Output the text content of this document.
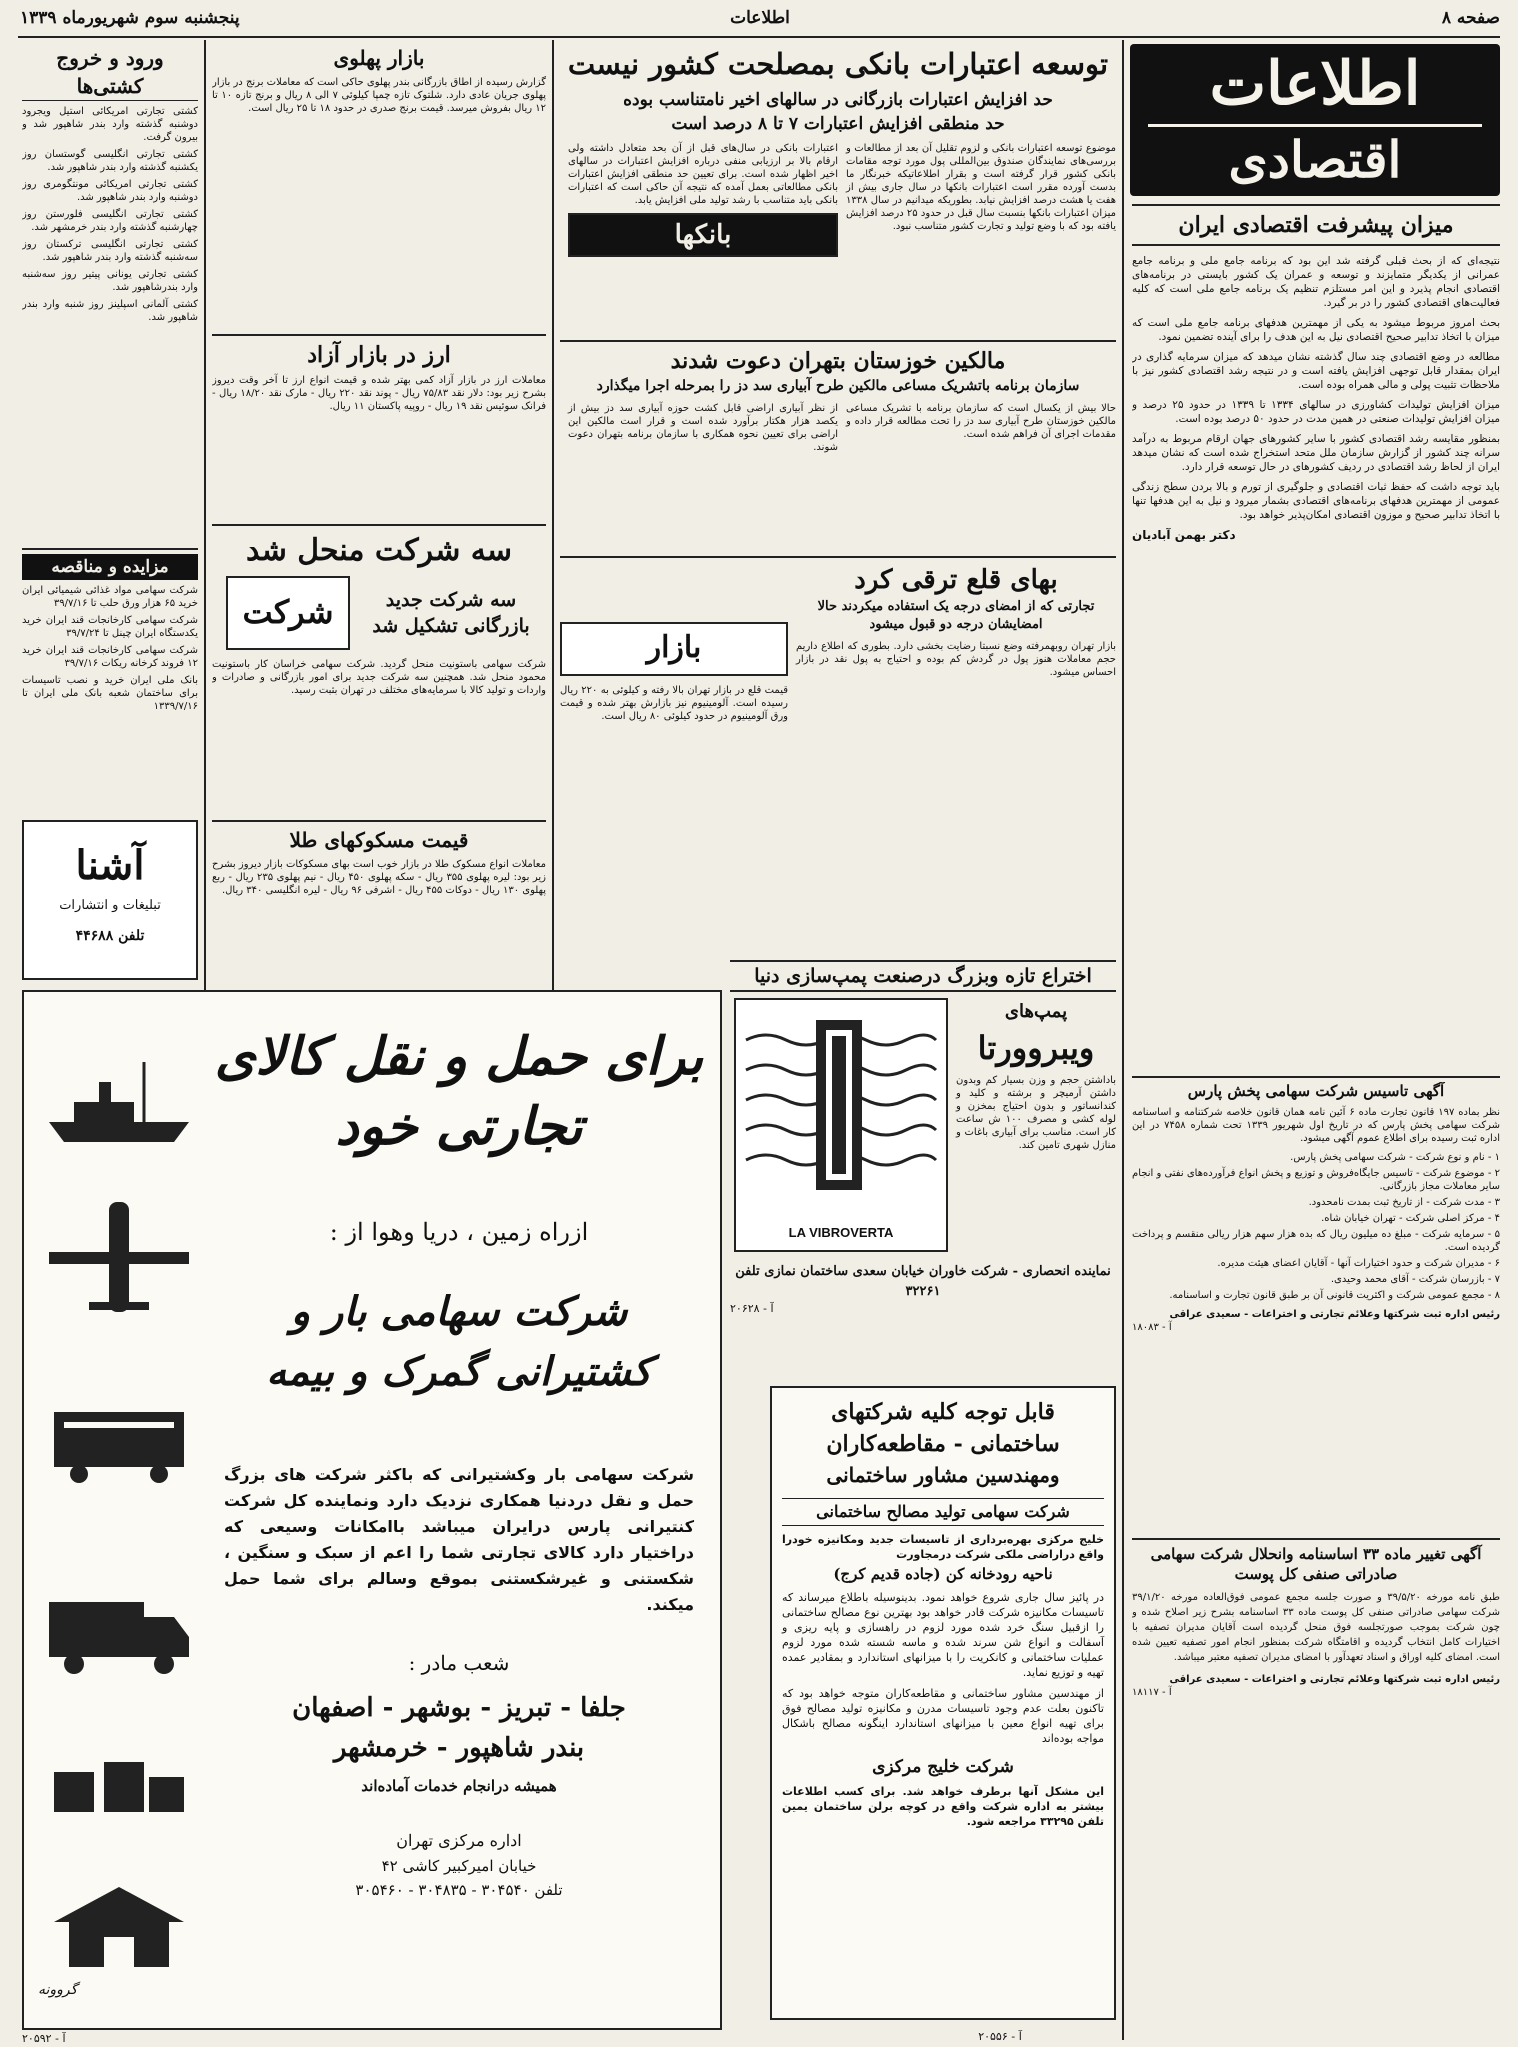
صفحه ۸
اطلاعات
پنجشنبه سوم شهریورماه ۱۳۳۹
اطلاعات
اقتصادی
میزان پیشرفت اقتصادی ایران

نتیجه‌ای که از بحث قبلی گرفته شد این بود که برنامه جامع ملی و برنامه جامع عمرانی از یکدیگر متمایزند و توسعه و عمران یک کشور بایستی در برنامه‌های اقتصادی انجام پذیرد و این امر مستلزم تنظیم یک برنامه جامع ملی است که کلیه فعالیت‌های اقتصادی کشور را در بر گیرد.

بحث امروز مربوط میشود به یکی از مهمترین هدفهای برنامه جامع ملی است که میزان با اتخاذ تدابیر صحیح اقتصادی نیل به این هدف را برای آینده تضمین نمود.

مطالعه در وضع اقتصادی چند سال گذشته نشان میدهد که میزان سرمایه گذاری در ایران بمقدار قابل توجهی افزایش یافته است و در نتیجه رشد اقتصادی کشور نیز با ملاحظات تثبیت پولی و مالی همراه بوده است.

میزان افزایش تولیدات کشاورزی در سالهای ۱۳۳۴ تا ۱۳۳۹ در حدود ۲۵ درصد و میزان افزایش تولیدات صنعتی در همین مدت در حدود ۵۰ درصد بوده است.

بمنظور مقایسه رشد اقتصادی کشور با سایر کشورهای جهان ارقام مربوط به درآمد سرانه چند کشور از گزارش سازمان ملل متحد استخراج شده است که نشان میدهد ایران از لحاظ رشد اقتصادی در ردیف کشورهای در حال توسعه قرار دارد.

باید توجه داشت که حفظ ثبات اقتصادی و جلوگیری از تورم و بالا بردن سطح زندگی عمومی از مهمترین هدفهای برنامه‌های اقتصادی بشمار میرود و نیل به این هدفها تنها با اتخاذ تدابیر صحیح و موزون اقتصادی امکان‌پذیر خواهد بود.

دکتر بهمن آبادیان
آگهی تاسیس شرکت سهامی پخش پارس

نظر بماده ۱۹۷ قانون تجارت ماده ۶ آئین نامه همان قانون خلاصه شرکتنامه و اساسنامه شرکت سهامی پخش پارس که در تاریخ اول شهریور ۱۳۳۹ تحت شماره ۷۴۵۸ در این اداره ثبت رسیده برای اطلاع عموم آگهی میشود.

۱ - نام و نوع شرکت - شرکت سهامی پخش پارس.

۲ - موضوع شرکت - تاسیس جایگاه‌فروش و توزیع و پخش انواع فرآورده‌های نفتی و انجام سایر معاملات مجاز بازرگانی.

۳ - مدت شرکت - از تاریخ ثبت بمدت نامحدود.

۴ - مرکز اصلی شرکت - تهران خیابان شاه.

۵ - سرمایه شرکت - مبلغ ده میلیون ریال که بده هزار سهم هزار ریالی منقسم و پرداخت گردیده است.

۶ - مدیران شرکت و حدود اختیارات آنها - آقایان اعضای هیئت مدیره.

۷ - بازرسان شرکت - آقای محمد وحیدی.

۸ - مجمع عمومی شرکت و اکثریت قانونی آن بر طبق قانون تجارت و اساسنامه.

رئیس اداره ثبت شرکتها وعلائم تجارتی و اختراعات - سعیدی عراقی
آ - ۱۸۰۸۳
آگهی تغییر ماده ۳۳ اساسنامه وانحلال شرکت سهامی صادراتی صنفی کل پوست

طبق نامه مورخه ۳۹/۵/۲۰ و صورت جلسه مجمع عمومی فوق‌العاده مورخه ۳۹/۱/۲۰ شرکت سهامی صادراتی صنفی کل پوست ماده ۳۳ اساسنامه بشرح زیر اصلاح شده و چون شرکت بموجب صورتجلسه فوق منحل گردیده است آقایان مدیران تصفیه با اختیارات کامل انتخاب گردیده و اقامتگاه شرکت بمنظور انجام امور تصفیه تعیین شده است. امضای کلیه اوراق و اسناد تعهدآور با امضای مدیران تصفیه معتبر میباشد.

رئیس اداره ثبت شرکتها وعلائم تجارتی و اختراعات - سعیدی عراقی
آ - ۱۸۱۱۷
توسعه اعتبارات بانکی بمصلحت کشور نیست
حد افزایش اعتبارات بازرگانی در سالهای اخیر نامتناسب بوده
حد منطقی افزایش اعتبارات ۷ تا ۸ درصد است

موضوع توسعه اعتبارات بانکی و لزوم تقلیل آن بعد از مطالعات و بررسی‌های نمایندگان صندوق بین‌المللی پول مورد توجه مقامات بانکی کشور قرار گرفته است و بقرار اطلاعاتیکه خبرنگار ما بدست آورده مقرر است اعتبارات بانکها در سال جاری بیش از هفت یا هشت درصد افزایش نیابد. بطوریکه میدانیم در سال ۱۳۳۸ میزان اعتبارات بانکها بنسبت سال قبل در حدود ۲۵ درصد افزایش یافته بود که با وضع تولید و تجارت کشور متناسب نبود.

اعتبارات بانکی در سال‌های قبل از آن بحد متعادل داشته ولی ارقام بالا بر ارزیابی منفی درباره افزایش اعتبارات در سالهای اخیر اظهار شده است. برای تعیین حد منطقی افزایش اعتبارات بانکی مطالعاتی بعمل آمده که نتیجه آن حاکی است که اعتبارات بانکی باید متناسب با رشد تولید ملی افزایش یابد.

بانکها
مالکین خوزستان بتهران دعوت شدند
سازمان برنامه باتشریک مساعی مالکین طرح آبیاری سد دز را بمرحله اجرا میگذارد

حالا بیش از یکسال است که سازمان برنامه با تشریک مساعی مالکین خوزستان طرح آبیاری سد دز را تحت مطالعه قرار داده و مقدمات اجرای آن فراهم شده است.

از نظر آبیاری اراضی قابل کشت حوزه آبیاری سد دز بیش از یکصد هزار هکتار برآورد شده است و قرار است مالکین این اراضی برای تعیین نحوه همکاری با سازمان برنامه بتهران دعوت شوند.

بهای قلع ترقی کرد
تجارتی که از امضای درجه یک استفاده میکردند حالا امضایشان درجه دو قبول میشود

بازار تهران روبهمرفته وضع نسبتا رضایت بخشی دارد. بطوری که اطلاع داریم حجم معاملات هنوز پول در گردش کم بوده و احتیاج به پول نقد در بازار احساس میشود.

بازار

قیمت قلع در بازار تهران بالا رفته و کیلوئی به ۲۲۰ ریال رسیده است. آلومینیوم نیز بازارش بهتر شده و قیمت ورق آلومینیوم در حدود کیلوئی ۸۰ ریال است.

بازار پهلوی

گزارش رسیده از اطاق بازرگانی بندر پهلوی حاکی است که معاملات برنج در بازار پهلوی جریان عادی دارد. شلتوک تازه چمپا کیلوئی ۷ الی ۸ ریال و برنج تازه ۱۰ تا ۱۲ ریال بفروش میرسد. قیمت برنج صدری در حدود ۱۸ تا ۲۵ ریال است.

ارز در بازار آزاد

معاملات ارز در بازار آزاد کمی بهتر شده و قیمت انواع ارز تا آخر وقت دیروز بشرح زیر بود: دلار نقد ۷۵/۸۳ ریال - پوند نقد ۲۲۰ ریال - مارک نقد ۱۸/۲۰ ریال - فرانک سوئیس نقد ۱۹ ریال - روپیه پاکستان ۱۱ ریال.

سه شرکت منحل شد
سه شرکت جدید بازرگانی تشکیل شد
شرکت

شرکت سهامی باستونیت منحل گردید. شرکت سهامی خراسان کار باستونیت محمود منحل شد. همچنین سه شرکت جدید برای امور بازرگانی و صادرات و واردات و تولید کالا با سرمایه‌های مختلف در تهران بثبت رسید.

قیمت مسکوکهای طلا

معاملات انواع مسکوک طلا در بازار خوب است بهای مسکوکات بازار دیروز بشرح زیر بود: لیره پهلوی ۳۵۵ ریال - سکه پهلوی ۴۵۰ ریال - نیم پهلوی ۲۳۵ ریال - ربع پهلوی ۱۳۰ ریال - دوکات ۴۵۵ ریال - اشرفی ۹۶ ریال - لیره انگلیسی ۳۴۰ ریال.

ورود و خروج کشتی‌ها

کشتی تجارتی امریکائی استیل ویجرود دوشنبه گذشته وارد بندر شاهپور شد و بیرون گرفت.

کشتی تجارتی انگلیسی گوستسان روز یکشنبه گذشته وارد بندر شاهپور شد.

کشتی تجارتی امریکائی مونتگومری روز دوشنبه وارد بندر شاهپور شد.

کشتی تجارتی انگلیسی فلورستن روز چهارشنبه گذشته وارد بندر خرمشهر شد.

کشتی تجارتی انگلیسی ترکستان روز سه‌شنبه گذشته وارد بندر شاهپور شد.

کشتی تجارتی یونانی پیتیر روز سه‌شنبه وارد بندرشاهپور شد.

کشتی آلمانی اسپلینز روز شنبه وارد بندر شاهپور شد.

مزایده و مناقصه

شرکت سهامی مواد غذائی شیمیائی ایران خرید ۶۵ هزار ورق حلب تا ۳۹/۷/۱۶

شرکت سهامی کارخانجات قند ایران خرید یکدستگاه ایران چینل تا ۳۹/۷/۲۴

شرکت سهامی کارخانجات قند ایران خرید ۱۲ فروند کرخانه ریکات ۳۹/۷/۱۶

بانک ملی ایران خرید و نصب تاسیسات برای ساختمان شعبه بانک ملی ایران تا ۱۳۳۹/۷/۱۶

آشنا
تبلیغات و انتشارات
تلفن ۴۴۶۸۸
برای حمل و نقل کالای تجارتی خود
ازراه زمین ، دریا وهوا از :
شرکت سهامی بار و کشتیرانی گمرک و بیمه

شرکت سهامی بار وکشتیرانی که باکثر شرکت های بزرگ حمل و نقل دردنیا همکاری نزدیک دارد ونماینده کل شرکت کنتیرانی پارس درایران میباشد باامکانات وسیعی که دراختیار دارد کالای تجارتی شما را اعم از سبک و سنگین ، شکستنی و غیرشکستنی بموقع وسالم برای شما حمل میکند.

شعب مادر :
جلفا - تبریز - بوشهر - اصفهان
بندر شاهپور - خرمشهر
همیشه درانجام خدمات آماده‌اند
اداره مرکزی تهران
خیابان امیرکبیر کاشی ۴۲
تلفن ۳۰۴۵۴۰ - ۳۰۴۸۳۵ - ۳۰۵۴۶۰
گروونه
آ - ۲۰۵۹۲
اختراع تازه وبزرگ درصنعت پمپ‌سازی دنیا
پمپ‌های
ویبروورتا

باداشتن حجم و وزن بسیار کم وبدون داشتن آرمیچر و برشته و کلید و کندانساتور و بدون احتیاج بمخزن و لوله کشی و مصرف ۱۰۰ ش ساعت کار است. مناسب برای آبیاری باغات و منازل شهری تامین کند.

LA VIBROVERTA
نماینده انحصاری - شرکت خاوران خیابان سعدی ساختمان نمازی تلفن ۳۲۲۶۱
آ - ۲۰۶۲۸
قابل توجه کلیه شرکتهای
ساختمانی - مقاطعه‌کاران
ومهندسین مشاور ساختمانی
شرکت سهامی تولید مصالح ساختمانی

خلیج مرکزی بهره‌برداری از تاسیسات جدید ومکانیزه خودرا واقع دراراضی ملکی شرکت درمجاورت

ناحیه رودخانه کن (جاده قدیم کرج)

در پائیز سال جاری شروع خواهد نمود. بدینوسیله باطلاع میرساند که تاسیسات مکانیزه شرکت قادر خواهد بود بهترین نوع مصالح ساختمانی را ازقبیل سنگ خرد شده مورد لزوم در راهسازی و پایه ریزی و آسفالت و انواع شن سرند شده و ماسه شسته شده مورد لزوم عملیات ساختمانی و کانکریت را با میزانهای استاندارد و بمقادیر عمده تهیه و توزیع نماید.

از مهندسین مشاور ساختمانی و مقاطعه‌کاران متوجه خواهد بود که تاکنون بعلت عدم وجود تاسیسات مدرن و مکانیزه تولید مصالح فوق برای تهیه انواع معین با میزانهای استاندارد اینگونه مصالح باشکال مواجه بوده‌اند

شرکت خلیج مرکزی

این مشکل آنها برطرف خواهد شد. برای کسب اطلاعات بیشتر به اداره شرکت واقع در کوچه برلن ساختمان یمین تلفن ۳۳۲۹۵ مراجعه شود.

آ - ۲۰۵۵۶
